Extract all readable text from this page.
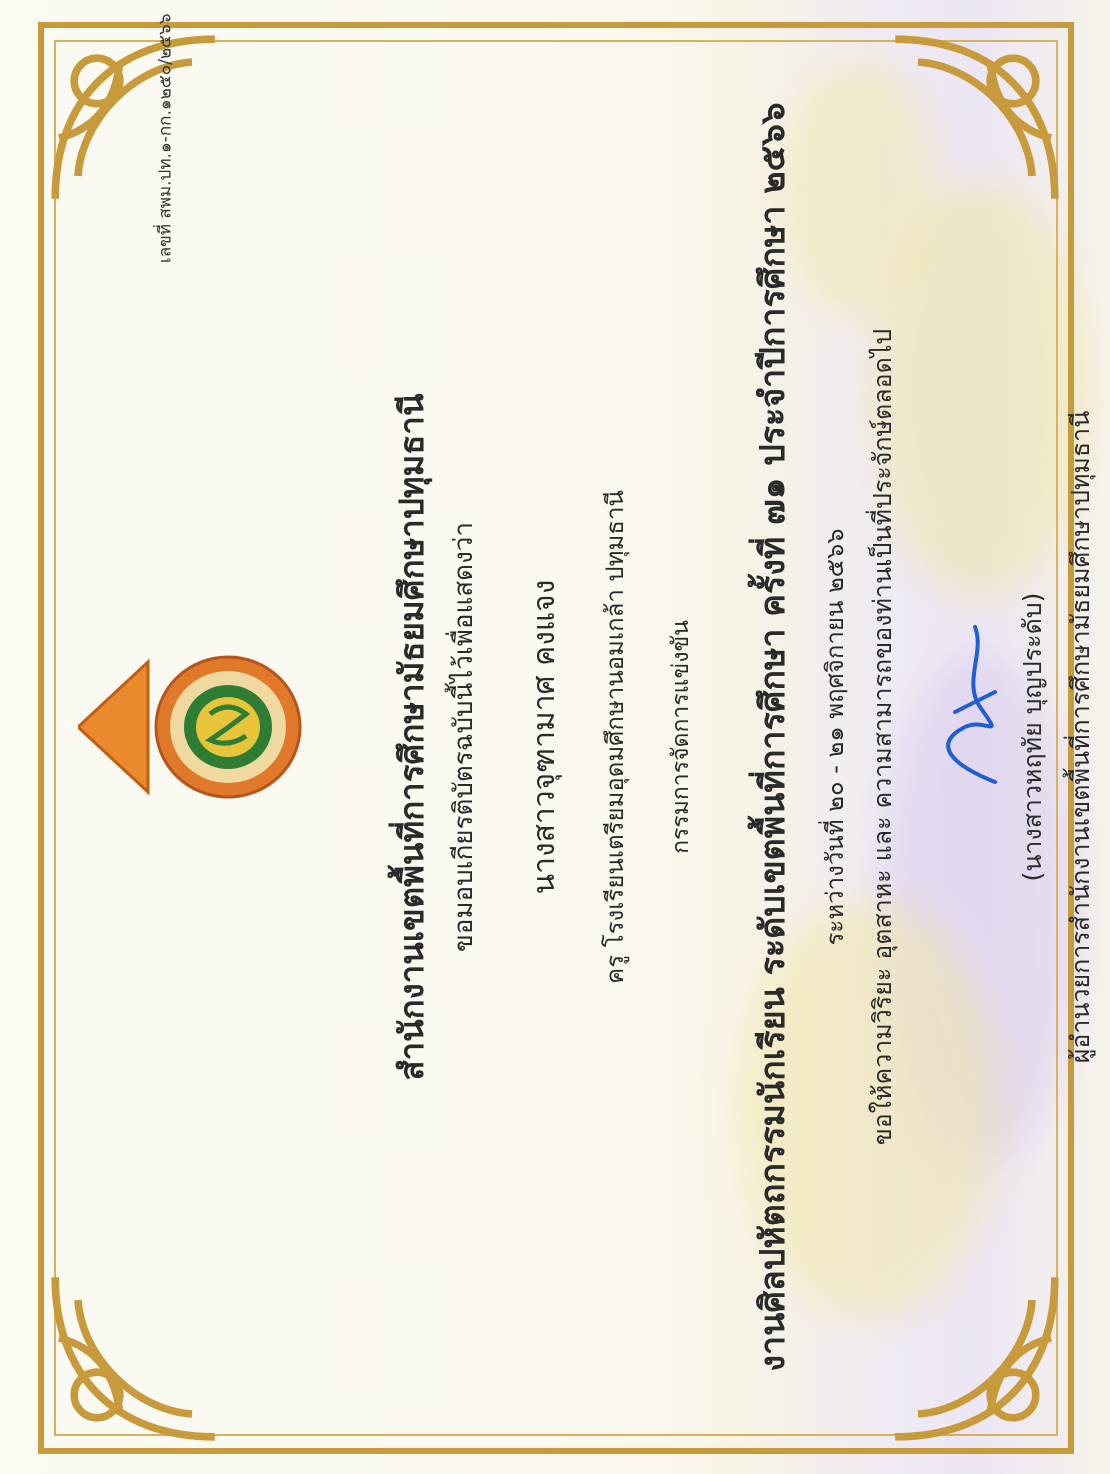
เลขที่ สพม.ปท.๑-กก.๑๒๕๐/๒๕๖๖
สำนักงานเขตพื้นที่การศึกษามัธยมศึกษาปทุมธานี ขอมอบเกียรติบัตรฉบับนี้ไว้เพื่อแสดงว่า นางสาวจุฑามาศ คงแจง ครู โรงเรียนเตรียมอุดมศึกษานอมเกล้า ปทุมธานี กรรมการจัดการแข่งขัน งานศิลปหัตถกรรมนักเรียน ระดับเขตพื้นที่การศึกษา ครั้งที่ ๗๑ ประจำปีการศึกษา ๒๕๖๖ ระหว่างวันที่ ๒๐ - ๒๑ พฤศจิกายน ๒๕๖๖ ขอให้ความวิริยะ อุตสาหะ และ ความสามารถของท่านเป็นที่ประจักษ์ตลอดไป	(นางสาวหฤทัย บุญประดับ) ผู้อำนวยการสำนักงานเขตพื้นที่การศึกษามัธยมศึกษาปทุมธานี
